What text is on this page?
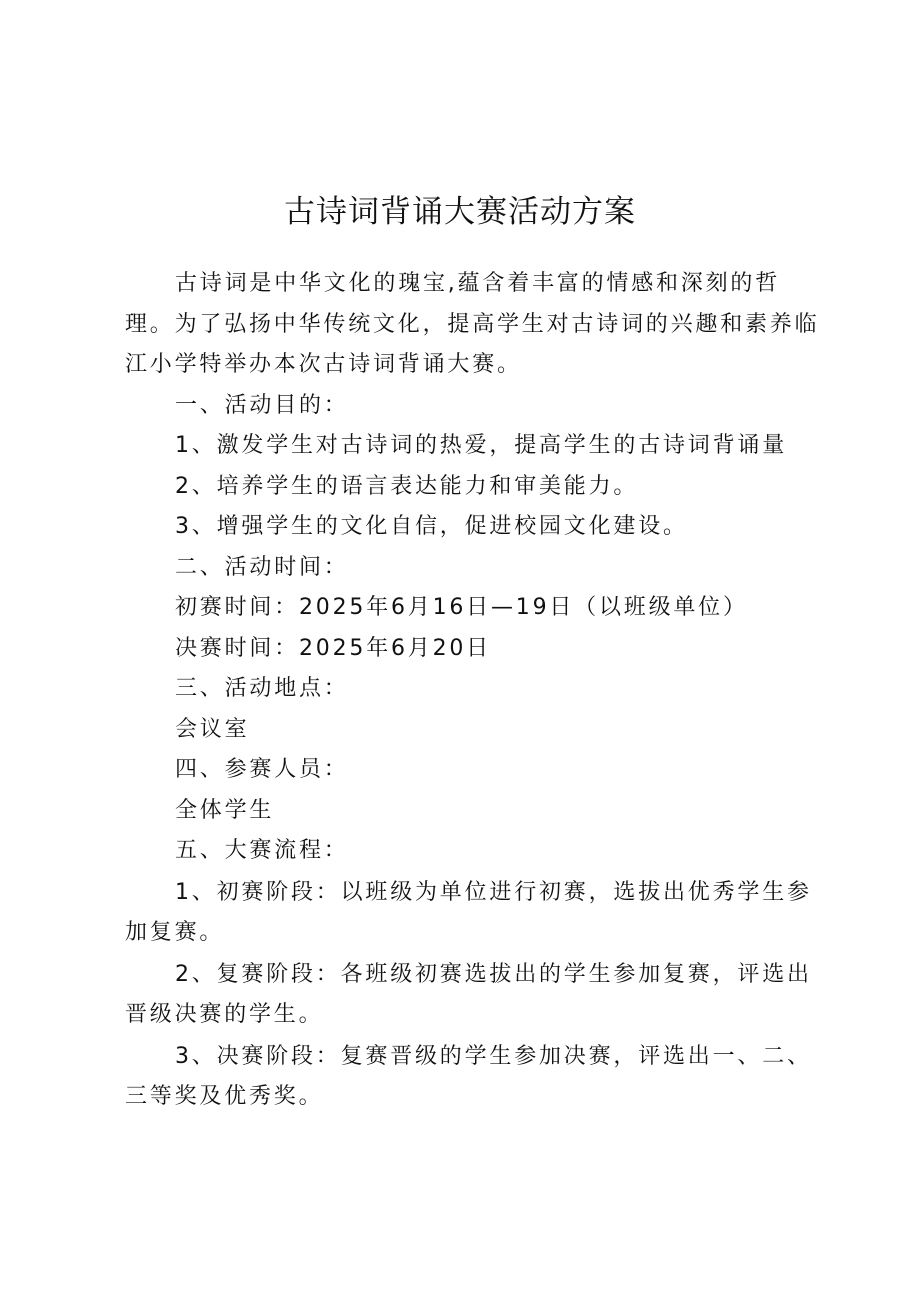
古诗词背诵大赛活动方案

古诗词是中华文化的瑰宝,蕴含着丰富的情感和深刻的哲理。为了弘扬中华传统文化，提高学生对古诗词的兴趣和素养临江小学特举办本次古诗词背诵大赛。

一、活动目的：

1、激发学生对古诗词的热爱，提高学生的古诗词背诵量

2、培养学生的语言表达能力和审美能力。

3、增强学生的文化自信，促进校园文化建设。

二、活动时间：

初赛时间：2025年6月16日—19日（以班级单位）

决赛时间：2025年6月20日

三、活动地点：

会议室

四、参赛人员：

全体学生

五、大赛流程：

1、初赛阶段：以班级为单位进行初赛，选拔出优秀学生参加复赛。

2、复赛阶段：各班级初赛选拔出的学生参加复赛，评选出晋级决赛的学生。

3、决赛阶段：复赛晋级的学生参加决赛，评选出一、二、三等奖及优秀奖。
